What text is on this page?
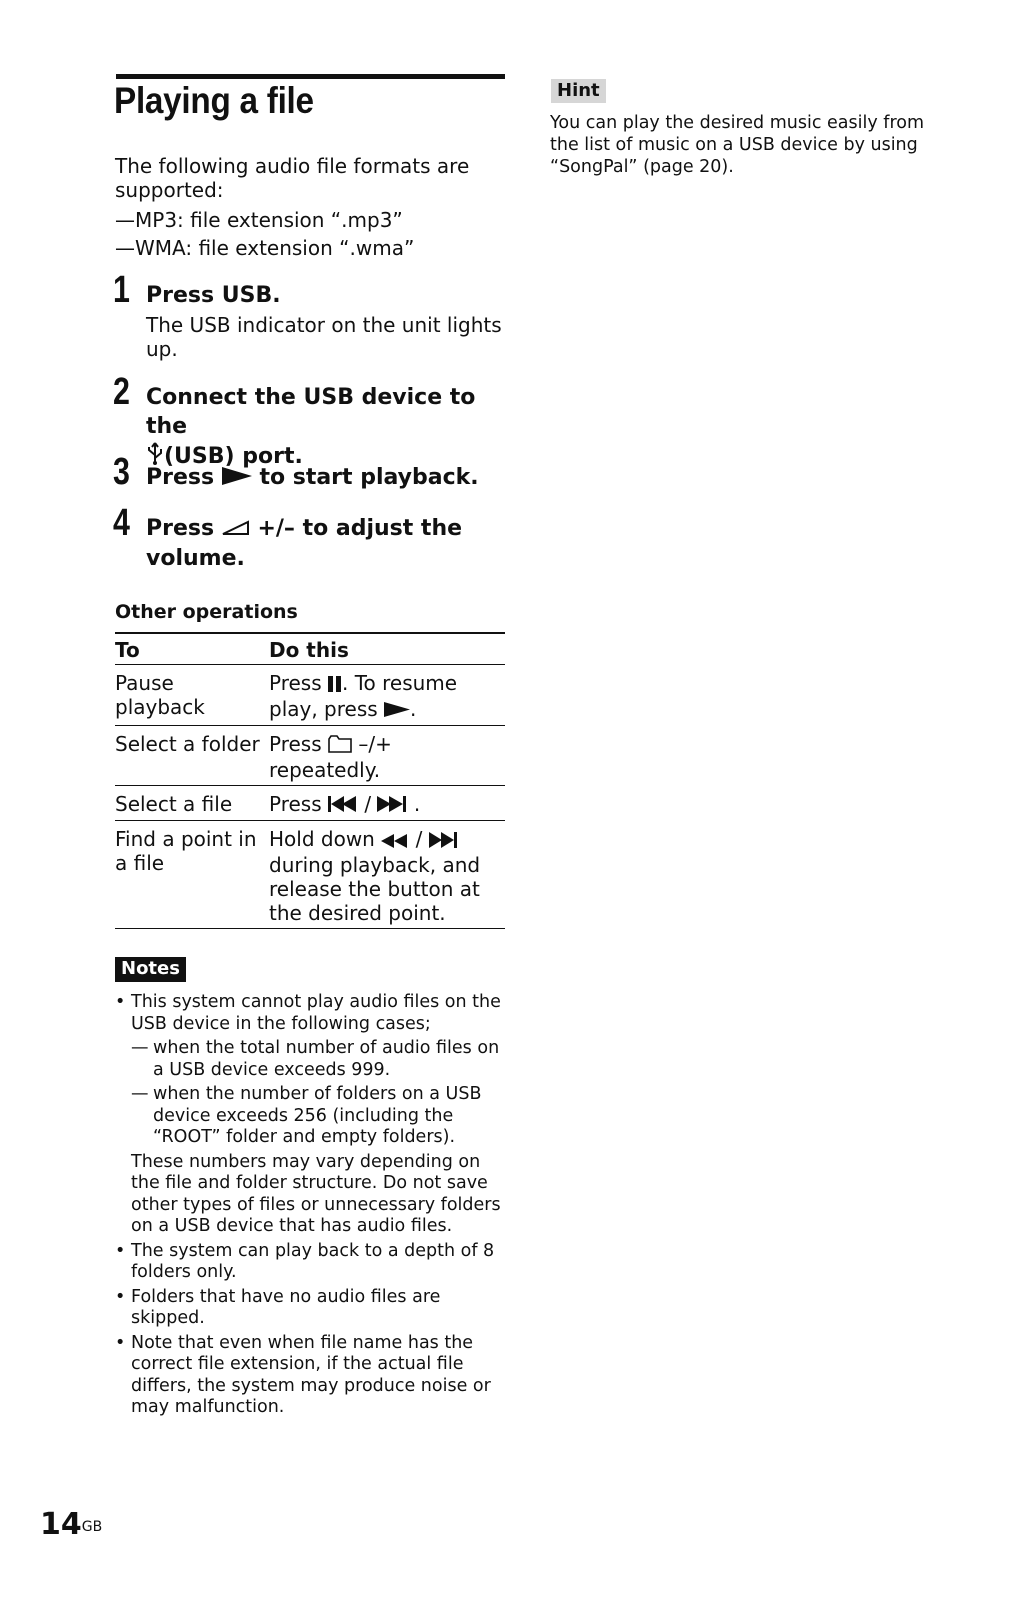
Playing a file
The following audio file formats are supported:
—MP3: file extension “.mp3”
—WMA: file extension “.wma”
1 Press USB.
The USB indicator on the unit lights up.
2 Connect the USB device to the
(USB) port.
3 Press to start playback.
4 Press +/– to adjust the volume.
Other operations
To	Do this
Pause playback	Press . To resume play, press .
Select a folder	Press –/+ repeatedly.
Select a file	Press / .
Find a point in a file	Hold down /  during playback, and release the button at the desired point.
Notes
• This system cannot play audio files on the USB device in the following cases;
— when the total number of audio files on a USB device exceeds 999.
— when the number of folders on a USB device exceeds 256 (including the “ROOT” folder and empty folders).
These numbers may vary depending on the file and folder structure. Do not save other types of files or unnecessary folders on a USB device that has audio files.
• The system can play back to a depth of 8 folders only.
• Folders that have no audio files are skipped.
• Note that even when file name has the correct file extension, if the actual file differs, the system may produce noise or may malfunction.
Hint
You can play the desired music easily from the list of music on a USB device by using “SongPal” (page 20).
$14^{GB}$
